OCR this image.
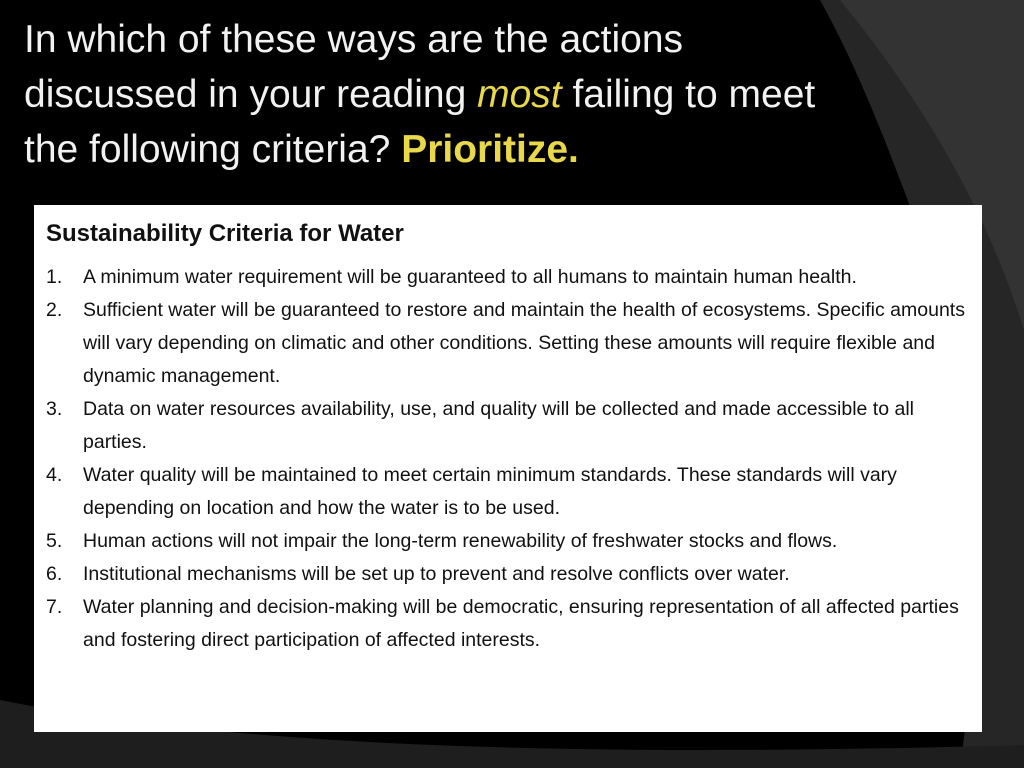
In which of these ways are the actions discussed in your reading most failing to meet the following criteria? Prioritize.
Sustainability Criteria for Water
1. A minimum water requirement will be guaranteed to all humans to maintain human health.
2. Sufficient water will be guaranteed to restore and maintain the health of ecosystems. Specific amounts will vary depending on climatic and other conditions. Setting these amounts will require flexible and dynamic management.
3. Data on water resources availability, use, and quality will be collected and made accessible to all parties.
4. Water quality will be maintained to meet certain minimum standards. These standards will vary depending on location and how the water is to be used.
5. Human actions will not impair the long-term renewability of freshwater stocks and flows.
6. Institutional mechanisms will be set up to prevent and resolve conflicts over water.
7. Water planning and decision-making will be democratic, ensuring representation of all affected parties and fostering direct participation of affected interests.
